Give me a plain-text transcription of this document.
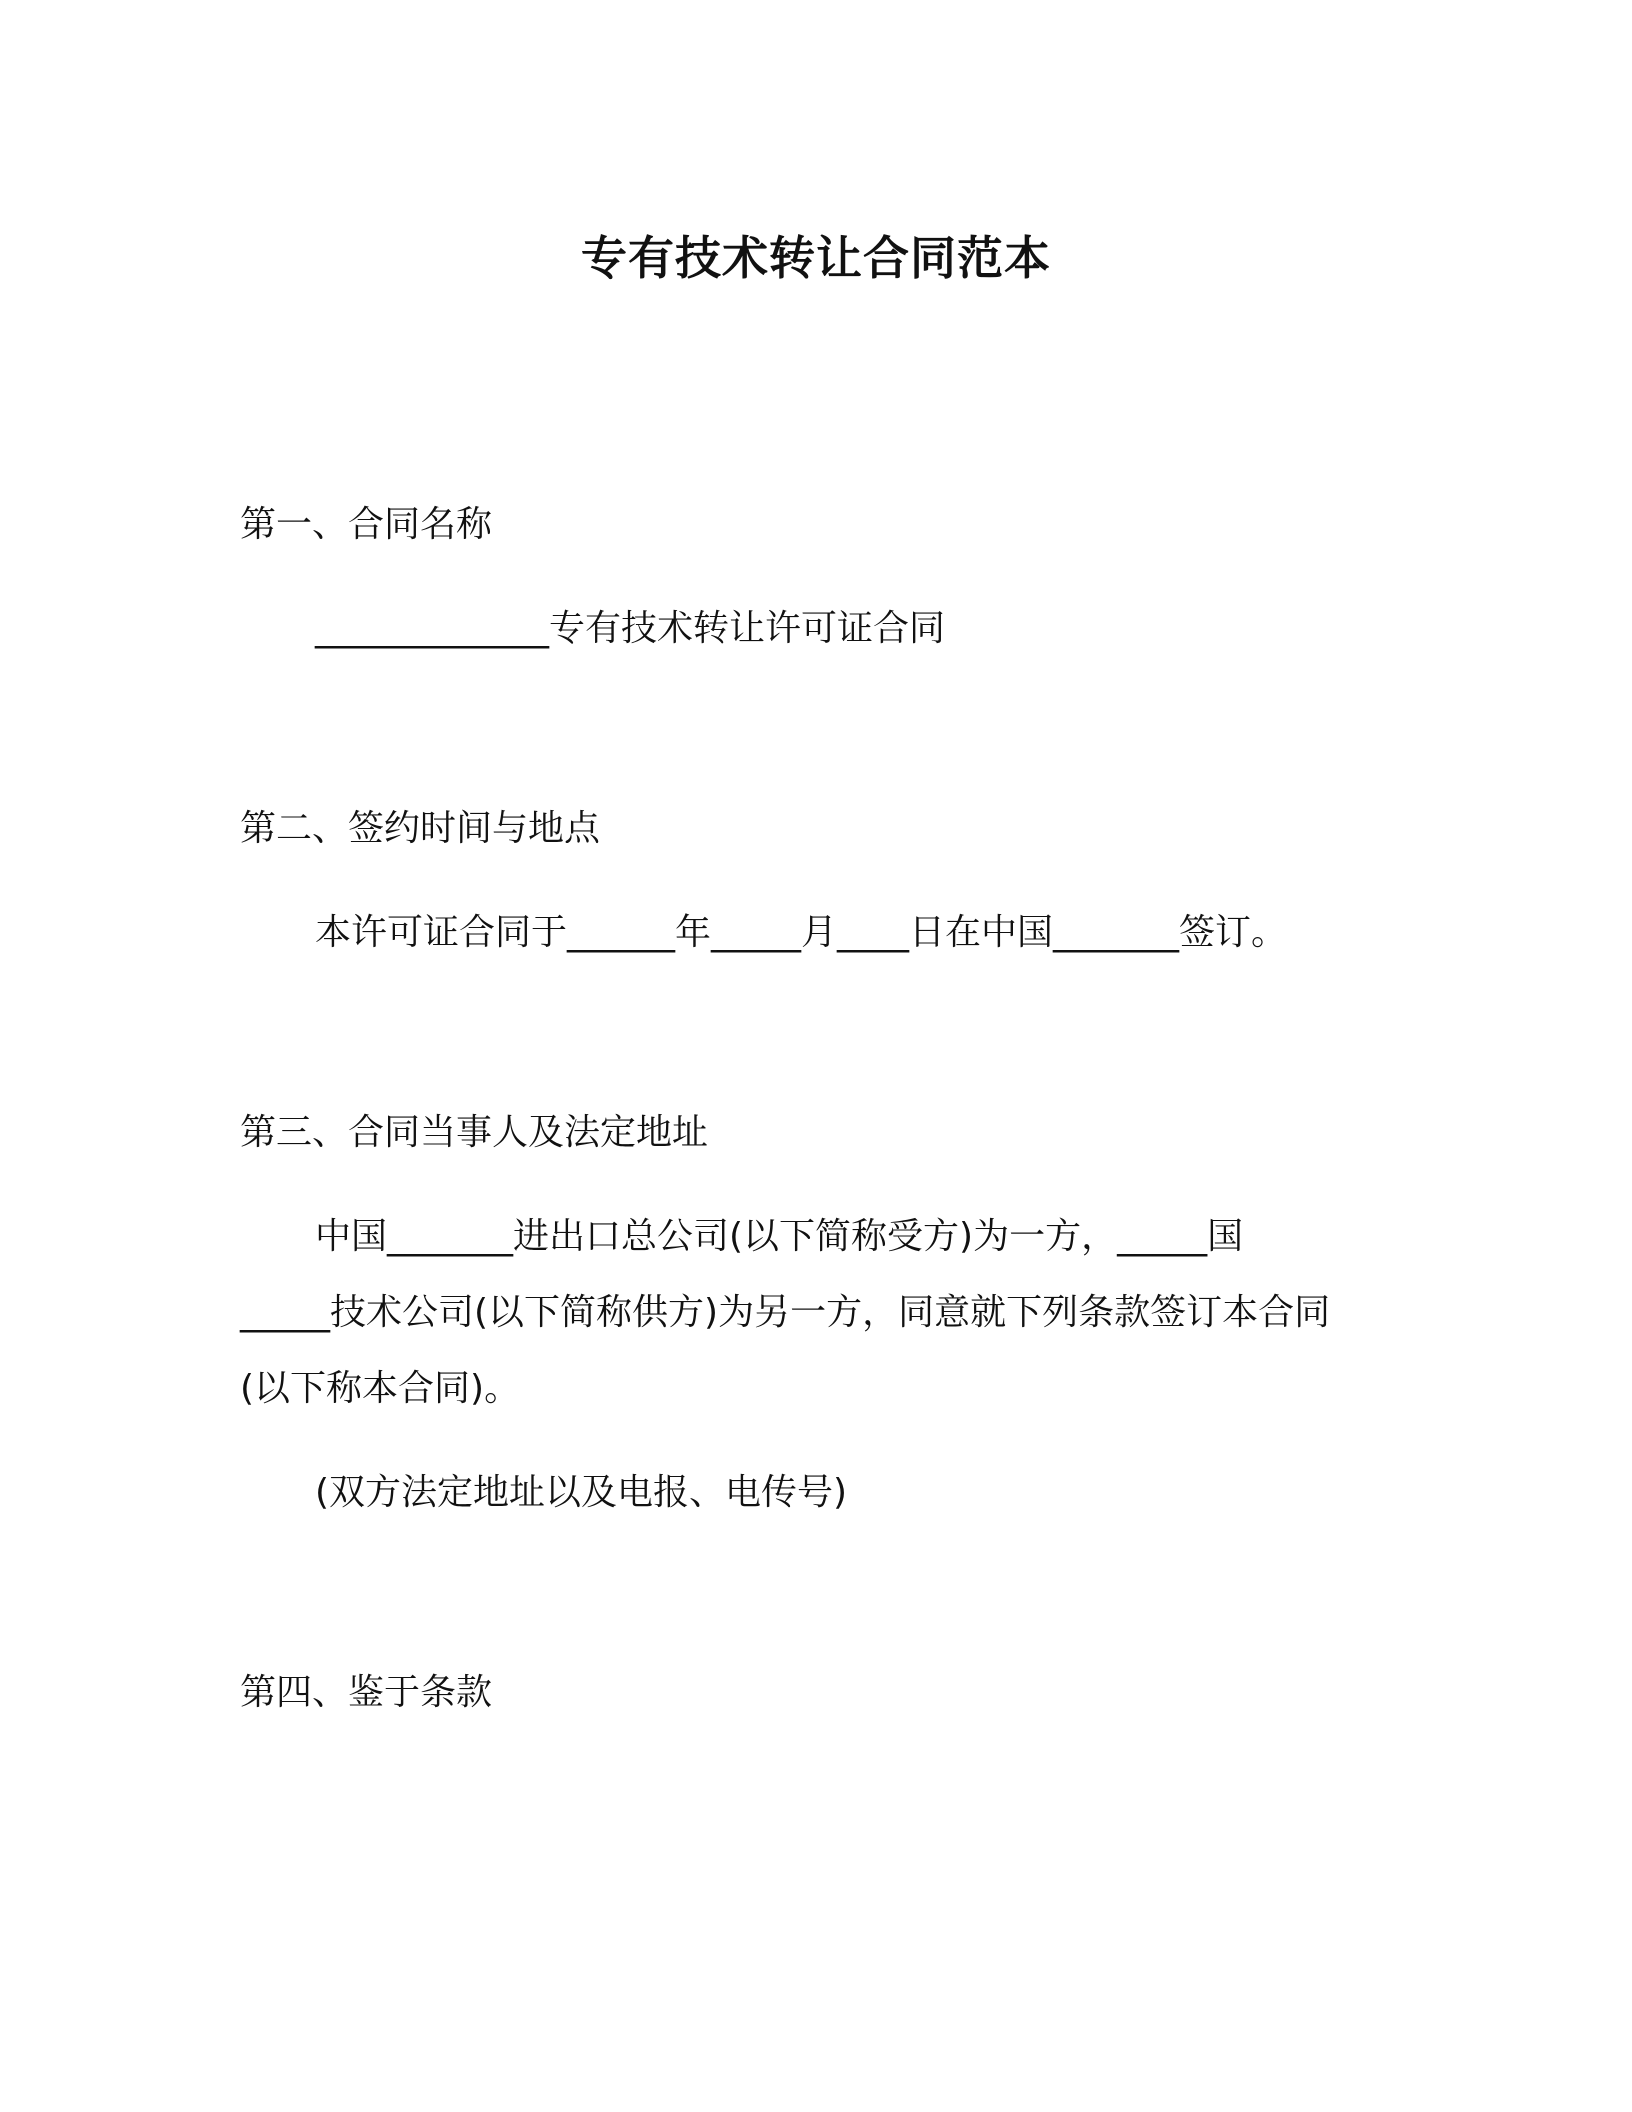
专有技术转让合同范本
第一、合同名称
_____________专有技术转让许可证合同
第二、签约时间与地点
本许可证合同于______年_____月____日在中国_______签订。
第三、合同当事人及法定地址
中国_______进出口总公司(以下简称受方)为一方，_____国
_____技术公司(以下简称供方)为另一方，同意就下列条款签订本合同
(以下称本合同)。
(双方法定地址以及电报、电传号)
第四、鉴于条款
